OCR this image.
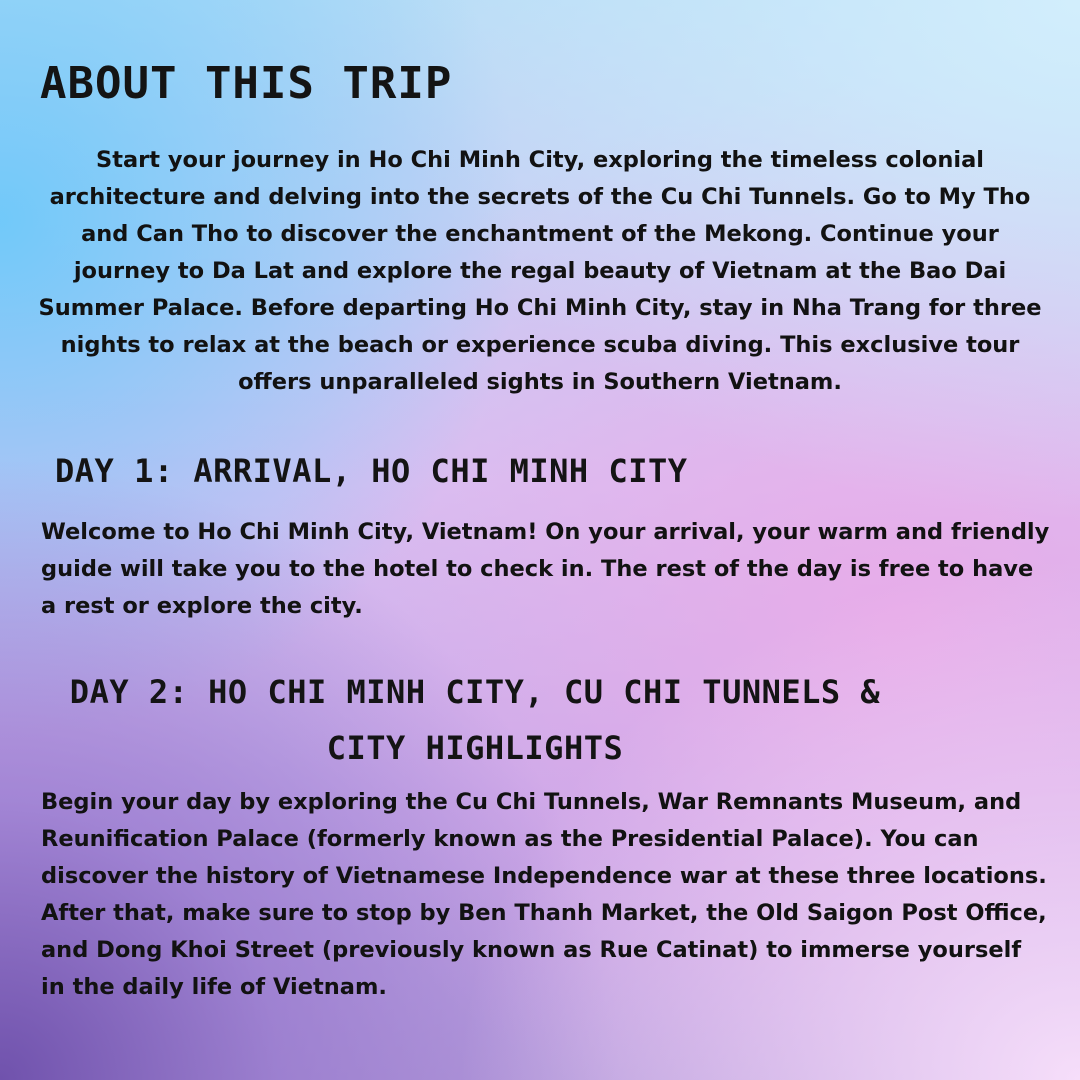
ABOUT THIS TRIP

Start your journey in Ho Chi Minh City, exploring the timeless colonial architecture and delving into the secrets of the Cu Chi Tunnels. Go to My Tho and Can Tho to discover the enchantment of the Mekong. Continue your journey to Da Lat and explore the regal beauty of Vietnam at the Bao Dai Summer Palace. Before departing Ho Chi Minh City, stay in Nha Trang for three nights to relax at the beach or experience scuba diving. This exclusive tour offers unparalleled sights in Southern Vietnam.

DAY 1: ARRIVAL, HO CHI MINH CITY

Welcome to Ho Chi Minh City, Vietnam! On your arrival, your warm and friendly guide will take you to the hotel to check in. The rest of the day is free to have a rest or explore the city.

DAY 2: HO CHI MINH CITY, CU CHI TUNNELS & CITY HIGHLIGHTS

Begin your day by exploring the Cu Chi Tunnels, War Remnants Museum, and Reunification Palace (formerly known as the Presidential Palace). You can discover the history of Vietnamese Independence war at these three locations. After that, make sure to stop by Ben Thanh Market, the Old Saigon Post Office, and Dong Khoi Street (previously known as Rue Catinat) to immerse yourself in the daily life of Vietnam.
